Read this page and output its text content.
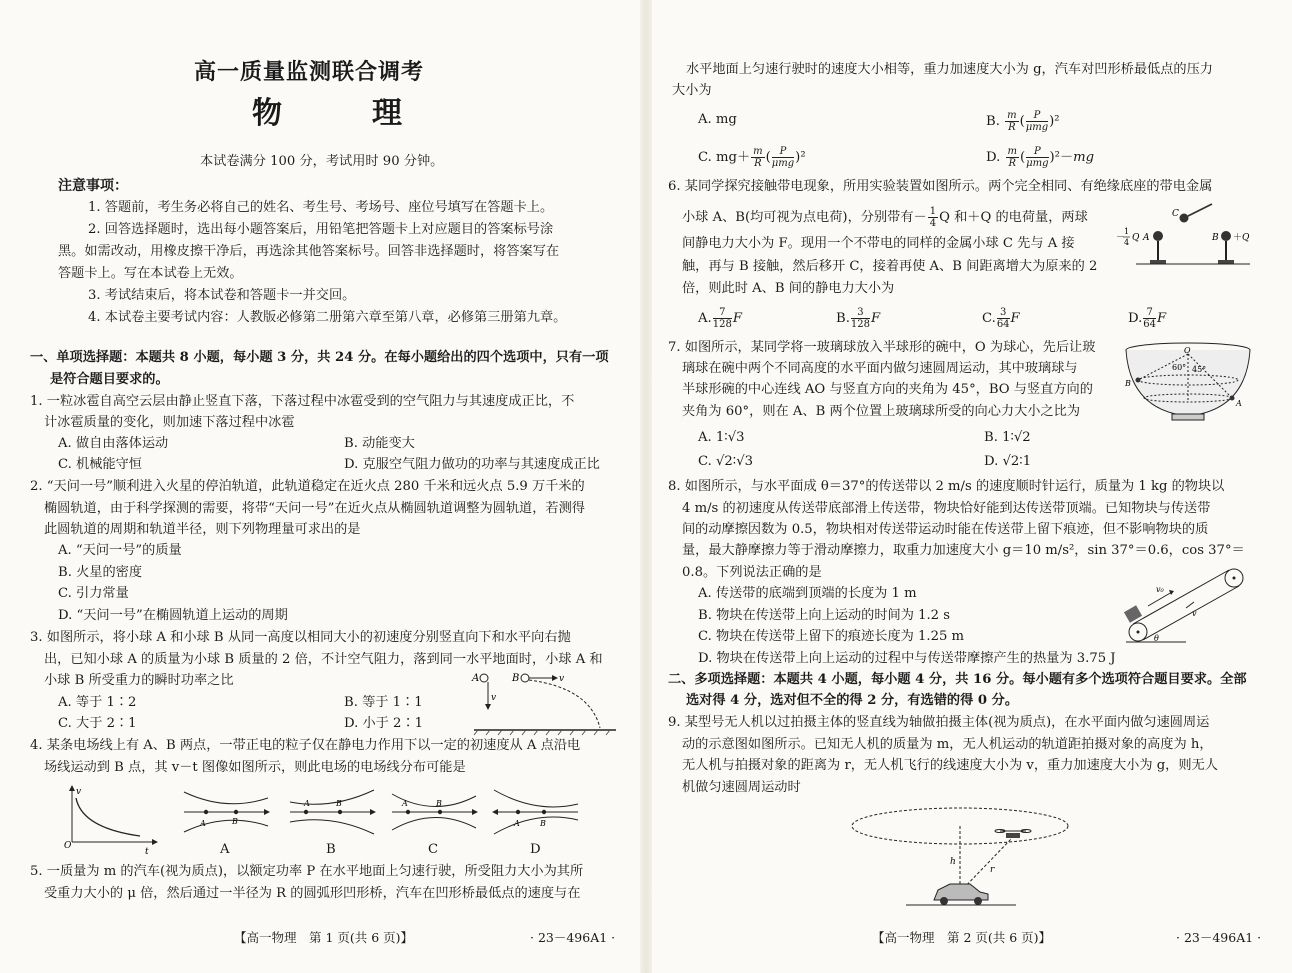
高一质量监测联合调考
物　理
本试卷满分 100 分，考试用时 90 分钟。
注意事项：
1. 答题前，考生务必将自己的姓名、考生号、考场号、座位号填写在答题卡上。
2. 回答选择题时，选出每小题答案后，用铅笔把答题卡上对应题目的答案标号涂
黑。如需改动，用橡皮擦干净后，再选涂其他答案标号。回答非选择题时，将答案写在
答题卡上。写在本试卷上无效。
3. 考试结束后，将本试卷和答题卡一并交回。
4. 本试卷主要考试内容：人教版必修第二册第六章至第八章，必修第三册第九章。
一、单项选择题：本题共 8 小题，每小题 3 分，共 24 分。在每小题给出的四个选项中，只有一项
是符合题目要求的。
1. 一粒冰雹自高空云层由静止竖直下落，下落过程中冰雹受到的空气阻力与其速度成正比，不
计冰雹质量的变化，则加速下落过程中冰雹
A. 做自由落体运动	B. 动能变大
C. 机械能守恒	D. 克服空气阻力做功的功率与其速度成正比
2. “天问一号”顺利进入火星的停泊轨道，此轨道稳定在近火点 280 千米和远火点 5.9 万千米的
椭圆轨道，由于科学探测的需要，将带“天问一号”在近火点从椭圆轨道调整为圆轨道，若测得
此圆轨道的周期和轨道半径，则下列物理量可求出的是
A. “天问一号”的质量
B. 火星的密度
C. 引力常量
D. “天问一号”在椭圆轨道上运动的周期
3. 如图所示，将小球 A 和小球 B 从同一高度以相同大小的初速度分别竖直向下和水平向右抛
出，已知小球 A 的质量为小球 B 质量的 2 倍，不计空气阻力，落到同一水平地面时，小球 A 和
小球 B 所受重力的瞬时功率之比
A. 等于 1∶2	B. 等于 1∶1
C. 大于 2∶1	D. 小于 2∶1
A
v
B	v
4. 某条电场线上有 A、B 两点，一带正电的粒子仅在静电力作用下以一定的初速度从 A 点沿电
场线运动到 B 点，其 v－t 图像如图所示，则此电场的电场线分布可能是
v
O
t
A	B
A	B	A	B
A	B
A	B	C	D
5. 一质量为 m 的汽车(视为质点)，以额定功率 P 在水平地面上匀速行驶，所受阻力大小为其所
受重力大小的 μ 倍，然后通过一半径为 R 的圆弧形凹形桥，汽车在凹形桥最低点的速度与在
【高一物理　第 1 页(共 6 页)】	· 23－496A1 ·
水平地面上匀速行驶时的速度大小相等，重力加速度大小为 g，汽车对凹形桥最低点的压力
大小为
A. mg	B. $\frac{m}{R}$ ( $\frac{P}{\text{μmg}} )^2$
C. $mg+ \frac{m}{R}$ ( $\frac{P}{\text{μmg}} )^2$	D. $\frac{m}{R}$ ( $\frac{P}{\text{μmg}} )^2-mg$
6. 某同学探究接触带电现象，所用实验装置如图所示。两个完全相同、有绝缘底座的带电金属
小球 A、B(均可视为点电荷)，分别带有－ $\frac{1}{4}$ Q 和＋Q 的电荷量，两球
间静电力大小为 F。现用一个不带电的同样的金属小球 C 先与 A 接
触，再与 B 接触，然后移开 C，接着再使 A、B 间距离增大为原来的 2
倍，则此时 A、B 间的静电力大小为
－
1
4 Q A
C
B ＋ Q
A. $\frac{7}{128}$ F	B. $\frac{3}{128}$ F	C. $\frac{3}{64}$ F	D. $\frac{7}{64}$ F
7. 如图所示，某同学将一玻璃球放入半球形的碗中，O 为球心，先后让玻
璃球在碗中两个不同高度的水平面内做匀速圆周运动，其中玻璃球与
半球形碗的中心连线 AO 与竖直方向的夹角为 45°，BO 与竖直方向的
夹角为 60°，则在 A、B 两个位置上玻璃球所受的向心力大小之比为
O
60° 45°
B
A
A. 1∶√3	B. 1∶√2
C. √2∶√3	D. √2∶1
8. 如图所示，与水平面成 θ＝37°的传送带以 2 m/s 的速度顺时针运行，质量为 1 kg 的物块以
4 m/s 的初速度从传送带底部滑上传送带，物块恰好能到达传送带顶端。已知物块与传送带
间的动摩擦因数为 0.5，物块相对传送带运动时能在传送带上留下痕迹，但不影响物块的质
量，最大静摩擦力等于滑动摩擦力，取重力加速度大小 g＝10 m/s²，sin 37°＝0.6，cos 37°＝
0.8。下列说法正确的是
A. 传送带的底端到顶端的长度为 1 m
B. 物块在传送带上向上运动的时间为 1.2 s
C. 物块在传送带上留下的痕迹长度为 1.25 m
D. 物块在传送带上向上运动的过程中与传送带摩擦产生的热量为 3.75 J
v₀
v
θ
二、多项选择题：本题共 4 小题，每小题 4 分，共 16 分。每小题有多个选项符合题目要求。全部
选对得 4 分，选对但不全的得 2 分，有选错的得 0 分。
9. 某型号无人机以过拍摄主体的竖直线为轴做拍摄主体(视为质点)，在水平面内做匀速圆周运
动的示意图如图所示。已知无人机的质量为 m，无人机运动的轨道距拍摄对象的高度为 h，
无人机与拍摄对象的距离为 r，无人机飞行的线速度大小为 v，重力加速度大小为 g，则无人
机做匀速圆周运动时
h
r
【高一物理　第 2 页(共 6 页)】	· 23－496A1 ·
